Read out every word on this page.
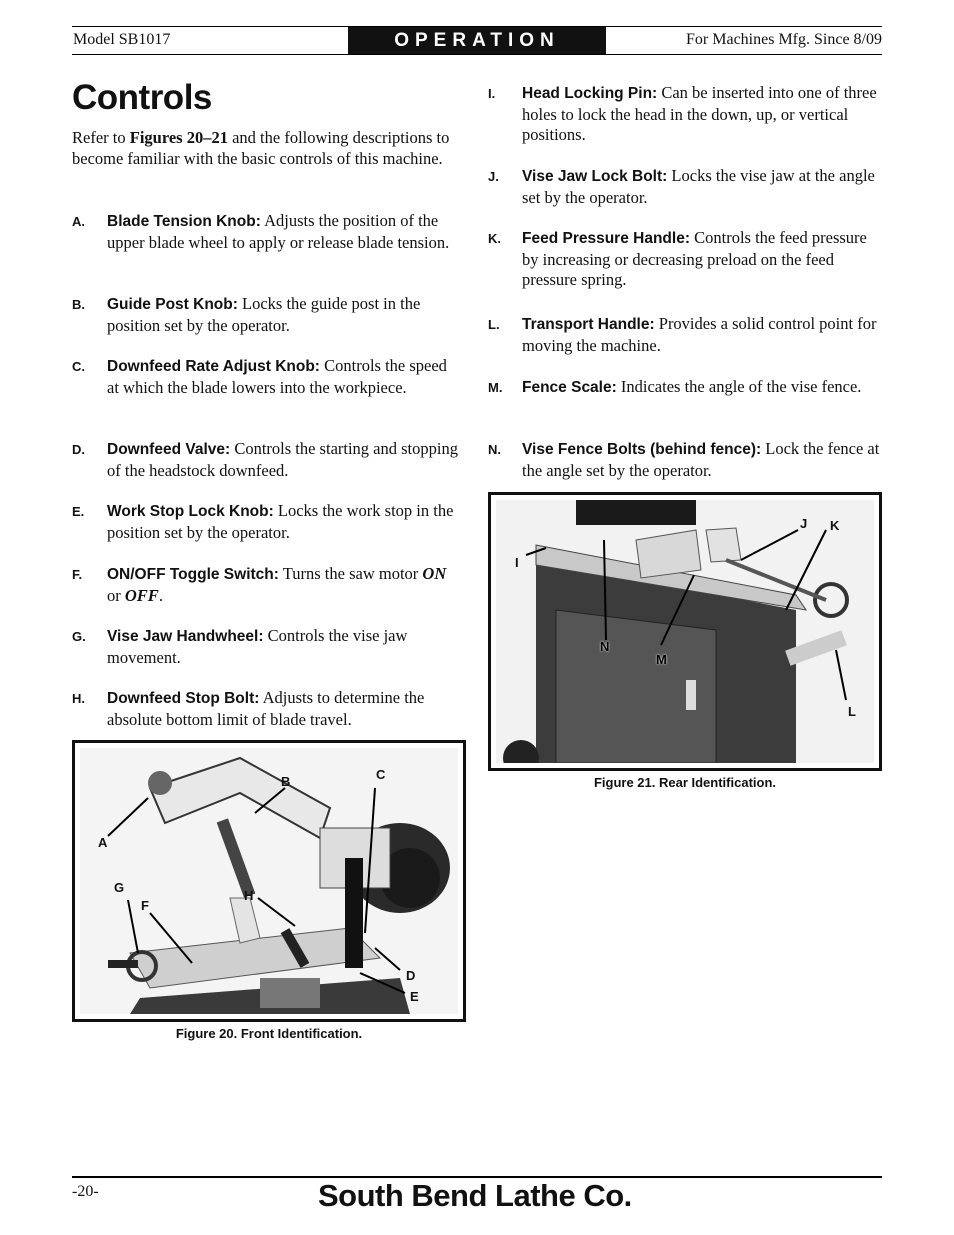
Model SB1017	OPERATION	For Machines Mfg. Since 8/09
Controls
Refer to Figures 20–21 and the following descriptions to become familiar with the basic controls of this machine.
A. Blade Tension Knob: Adjusts the position of the upper blade wheel to apply or release blade tension.
B. Guide Post Knob: Locks the guide post in the position set by the operator.
C. Downfeed Rate Adjust Knob: Controls the speed at which the blade lowers into the workpiece.
D. Downfeed Valve: Controls the starting and stopping of the headstock downfeed.
E. Work Stop Lock Knob: Locks the work stop in the position set by the operator.
F. ON/OFF Toggle Switch: Turns the saw motor ON or OFF.
G. Vise Jaw Handwheel: Controls the vise jaw movement.
H. Downfeed Stop Bolt: Adjusts to determine the absolute bottom limit of blade travel.
I. Head Locking Pin: Can be inserted into one of three holes to lock the head in the down, up, or vertical positions.
J. Vise Jaw Lock Bolt: Locks the vise jaw at the angle set by the operator.
K. Feed Pressure Handle: Controls the feed pressure by increasing or decreasing preload on the feed pressure spring.
L. Transport Handle: Provides a solid control point for moving the machine.
M. Fence Scale: Indicates the angle of the vise fence.
N. Vise Fence Bolts (behind fence): Lock the fence at the angle set by the operator.
A
B	C
D
E
F
G
H
Figure 20. Front Identification.
I
J K
L
M
N
Figure 21. Rear Identification.
-20-	South Bend Lathe Co.
